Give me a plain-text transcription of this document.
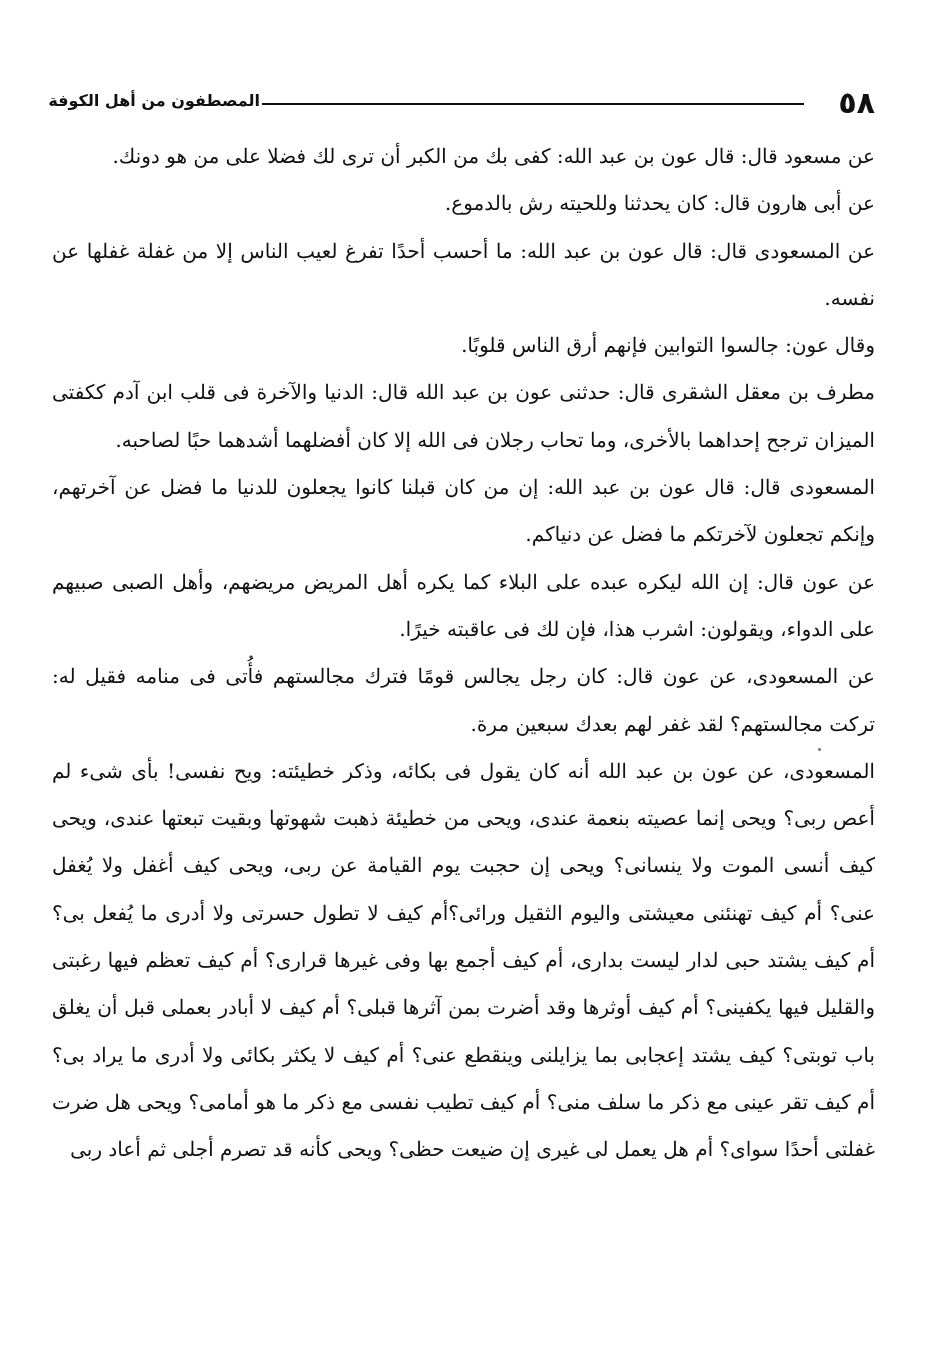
٥٨
المصطفون من أهل الكوفة

عن مسعود قال: قال عون بن عبد الله: كفى بك من الكبر أن ترى لك فضلا على من هو دونك.

عن أبى هارون قال: كان يحدثنا وللحيته رش بالدموع.

عن المسعودى قال: قال عون بن عبد الله: ما أحسب أحدًا تفرغ لعيب الناس إلا من غفلة غفلها عن نفسه.

وقال عون: جالسوا التوابين فإنهم أرق الناس قلوبًا.

مطرف بن معقل الشقرى قال: حدثنى عون بن عبد الله قال: الدنيا والآخرة فى قلب ابن آدم ككفتى الميزان ترجح إحداهما بالأخرى، وما تحاب رجلان فى الله إلا كان أفضلهما أشدهما حبًا لصاحبه.

المسعودى قال: قال عون بن عبد الله: إن من كان قبلنا كانوا يجعلون للدنيا ما فضل عن آخرتهم، وإنكم تجعلون لآخرتكم ما فضل عن دنياكم.

عن عون قال: إن الله ليكره عبده على البلاء كما يكره أهل المريض مريضهم، وأهل الصبى صبيهم على الدواء، ويقولون: اشرب هذا، فإن لك فى عاقبته خيرًا.

عن المسعودى، عن عون قال: كان رجل يجالس قومًا فترك مجالستهم فأُتى فى منامه فقيل له: تركت مجالستهم؟ لقد غفر لهم بعدك سبعين مرة.

المسعودى، عن عون بن عبد الله أنه كان يقول فى بكائه، وذكر خطيئته: ويح نفسى! بأى شىء لم أعص ربى؟ ويحى إنما عصيته بنعمة عندى، ويحى من خطيئة ذهبت شهوتها وبقيت تبعتها عندى، ويحى كيف أنسى الموت ولا ينسانى؟ ويحى إن حجبت يوم القيامة عن ربى، ويحى كيف أغفل ولا يُغفل عنى؟ أم كيف تهنئنى معيشتى واليوم الثقيل ورائى؟أم كيف لا تطول حسرتى ولا أدرى ما يُفعل بى؟ أم كيف يشتد حبى لدار ليست بدارى، أم كيف أجمع بها وفى غيرها قرارى؟ أم كيف تعظم فيها رغبتى والقليل فيها يكفينى؟ أم كيف أوثرها وقد أضرت بمن آثرها قبلى؟ أم كيف لا أبادر بعملى قبل أن يغلق باب توبتى؟ كيف يشتد إعجابى بما يزايلنى وينقطع عنى؟ أم كيف لا يكثر بكائى ولا أدرى ما يراد بى؟ أم كيف تقر عينى مع ذكر ما سلف منى؟ أم كيف تطيب نفسى مع ذكر ما هو أمامى؟ ويحى هل ضرت غفلتى أحدًا سواى؟ أم هل يعمل لى غيرى إن ضيعت حظى؟ ويحى كأنه قد تصرم أجلى ثم أعاد ربى
